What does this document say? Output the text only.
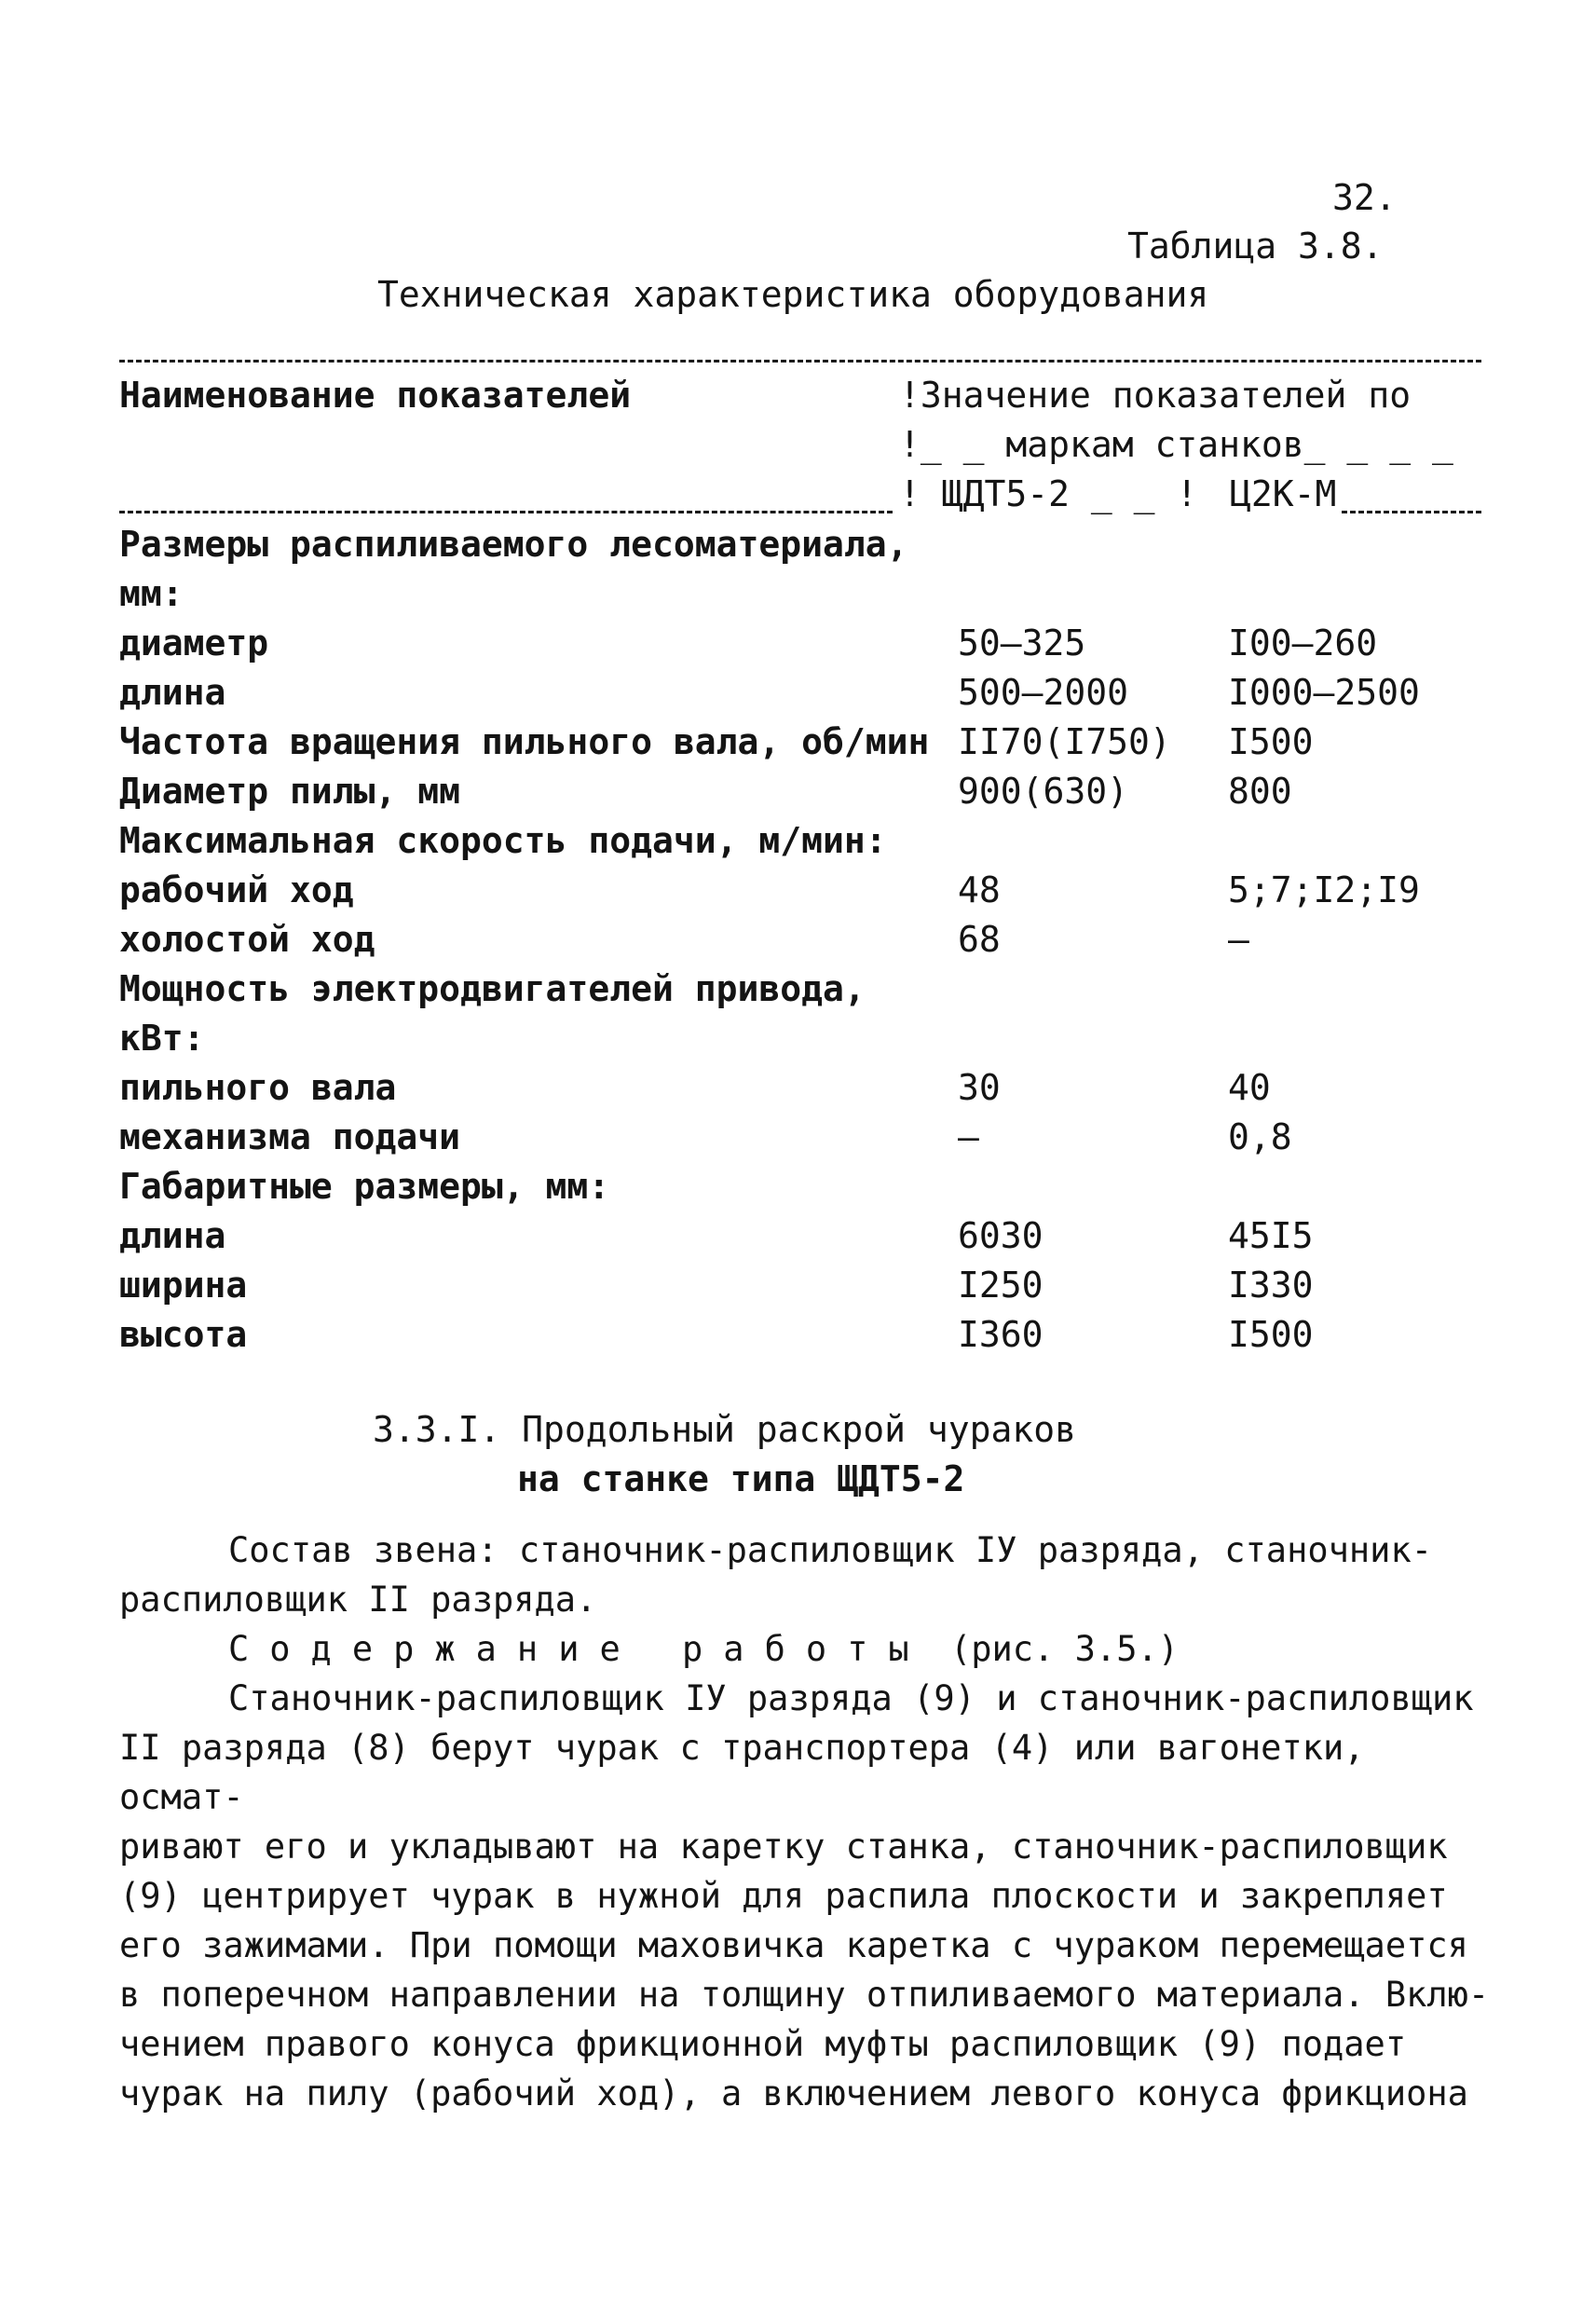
32.
Таблица 3.8.
Техническая характеристика оборудования
Наименование показателей	!Значение показателей по
!_ _ маркам станков_ _ _ _
! ЩДТ5-2 _ _ ! Ц2К-М
Размеры распиливаемого лесоматериала,
мм:
диаметр	50–325	I00–260
длина	500–2000	I000–2500
Частота вращения пильного вала, об/мин II70(I750) I500
Диаметр пилы, мм	900(630)	800
Максимальная скорость подачи, м/мин:
рабочий ход	48	5;7;I2;I9
холостой ход	68	–
Мощность электродвигателей привода,
кВт:
пильного вала	30	40
механизма подачи	–	0,8
Габаритные размеры, мм:
длина	6030	45I5
ширина	I250	I330
высота	I360	I500
3.3.I. Продольный раскрой чураков
на станке типа ЩДТ5-2
Состав звена: станочник-распиловщик IУ разряда, станочник-
распиловщик II разряда.
Содержание работы (рис. 3.5.)
Станочник-распиловщик IУ разряда (9) и станочник-распиловщик
II разряда (8) берут чурак с транспортера (4) или вагонетки, осмат-
ривают его и укладывают на каретку станка, станочник-распиловщик
(9) центрирует чурак в нужной для распила плоскости и закрепляет
его зажимами. При помощи маховичка каретка с чураком перемещается
в поперечном направлении на толщину отпиливаемого материала. Вклю-
чением правого конуса фрикционной муфты распиловщик (9) подает
чурак на пилу (рабочий ход), а включением левого конуса фрикциона
